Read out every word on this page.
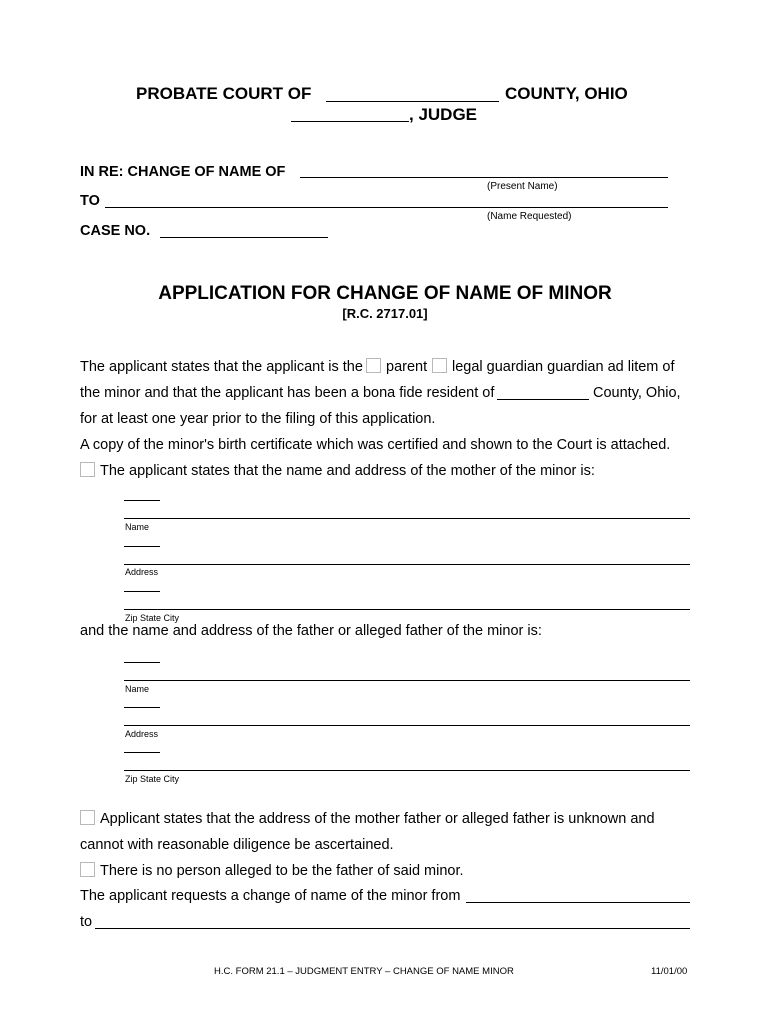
PROBATE COURT OF	COUNTY, OHIO
, JUDGE
IN RE: CHANGE OF NAME OF
(Present Name)
TO
(Name Requested)
CASE NO.
APPLICATION FOR CHANGE OF NAME OF MINOR
[R.C. 2717.01]
The applicant states that the applicant is the parent legal guardian guardian ad litem of
the minor and that the applicant has been a bona fide resident of	County, Ohio,
for at least one year prior to the filing of this application.
A copy of the minor's birth certificate which was certified and shown to the Court is attached.
The applicant states that the name and address of the mother of the minor is:
Name
Address
Zip State City
and the name and address of the father or alleged father of the minor is:
Name
Address
Zip State City
Applicant states that the address of the mother father or alleged father is unknown and
cannot with reasonable diligence be ascertained.
There is no person alleged to be the father of said minor.
The applicant requests a change of name of the minor from
to
H.C. FORM 21.1 – JUDGMENT ENTRY – CHANGE OF NAME MINOR	11/01/00
